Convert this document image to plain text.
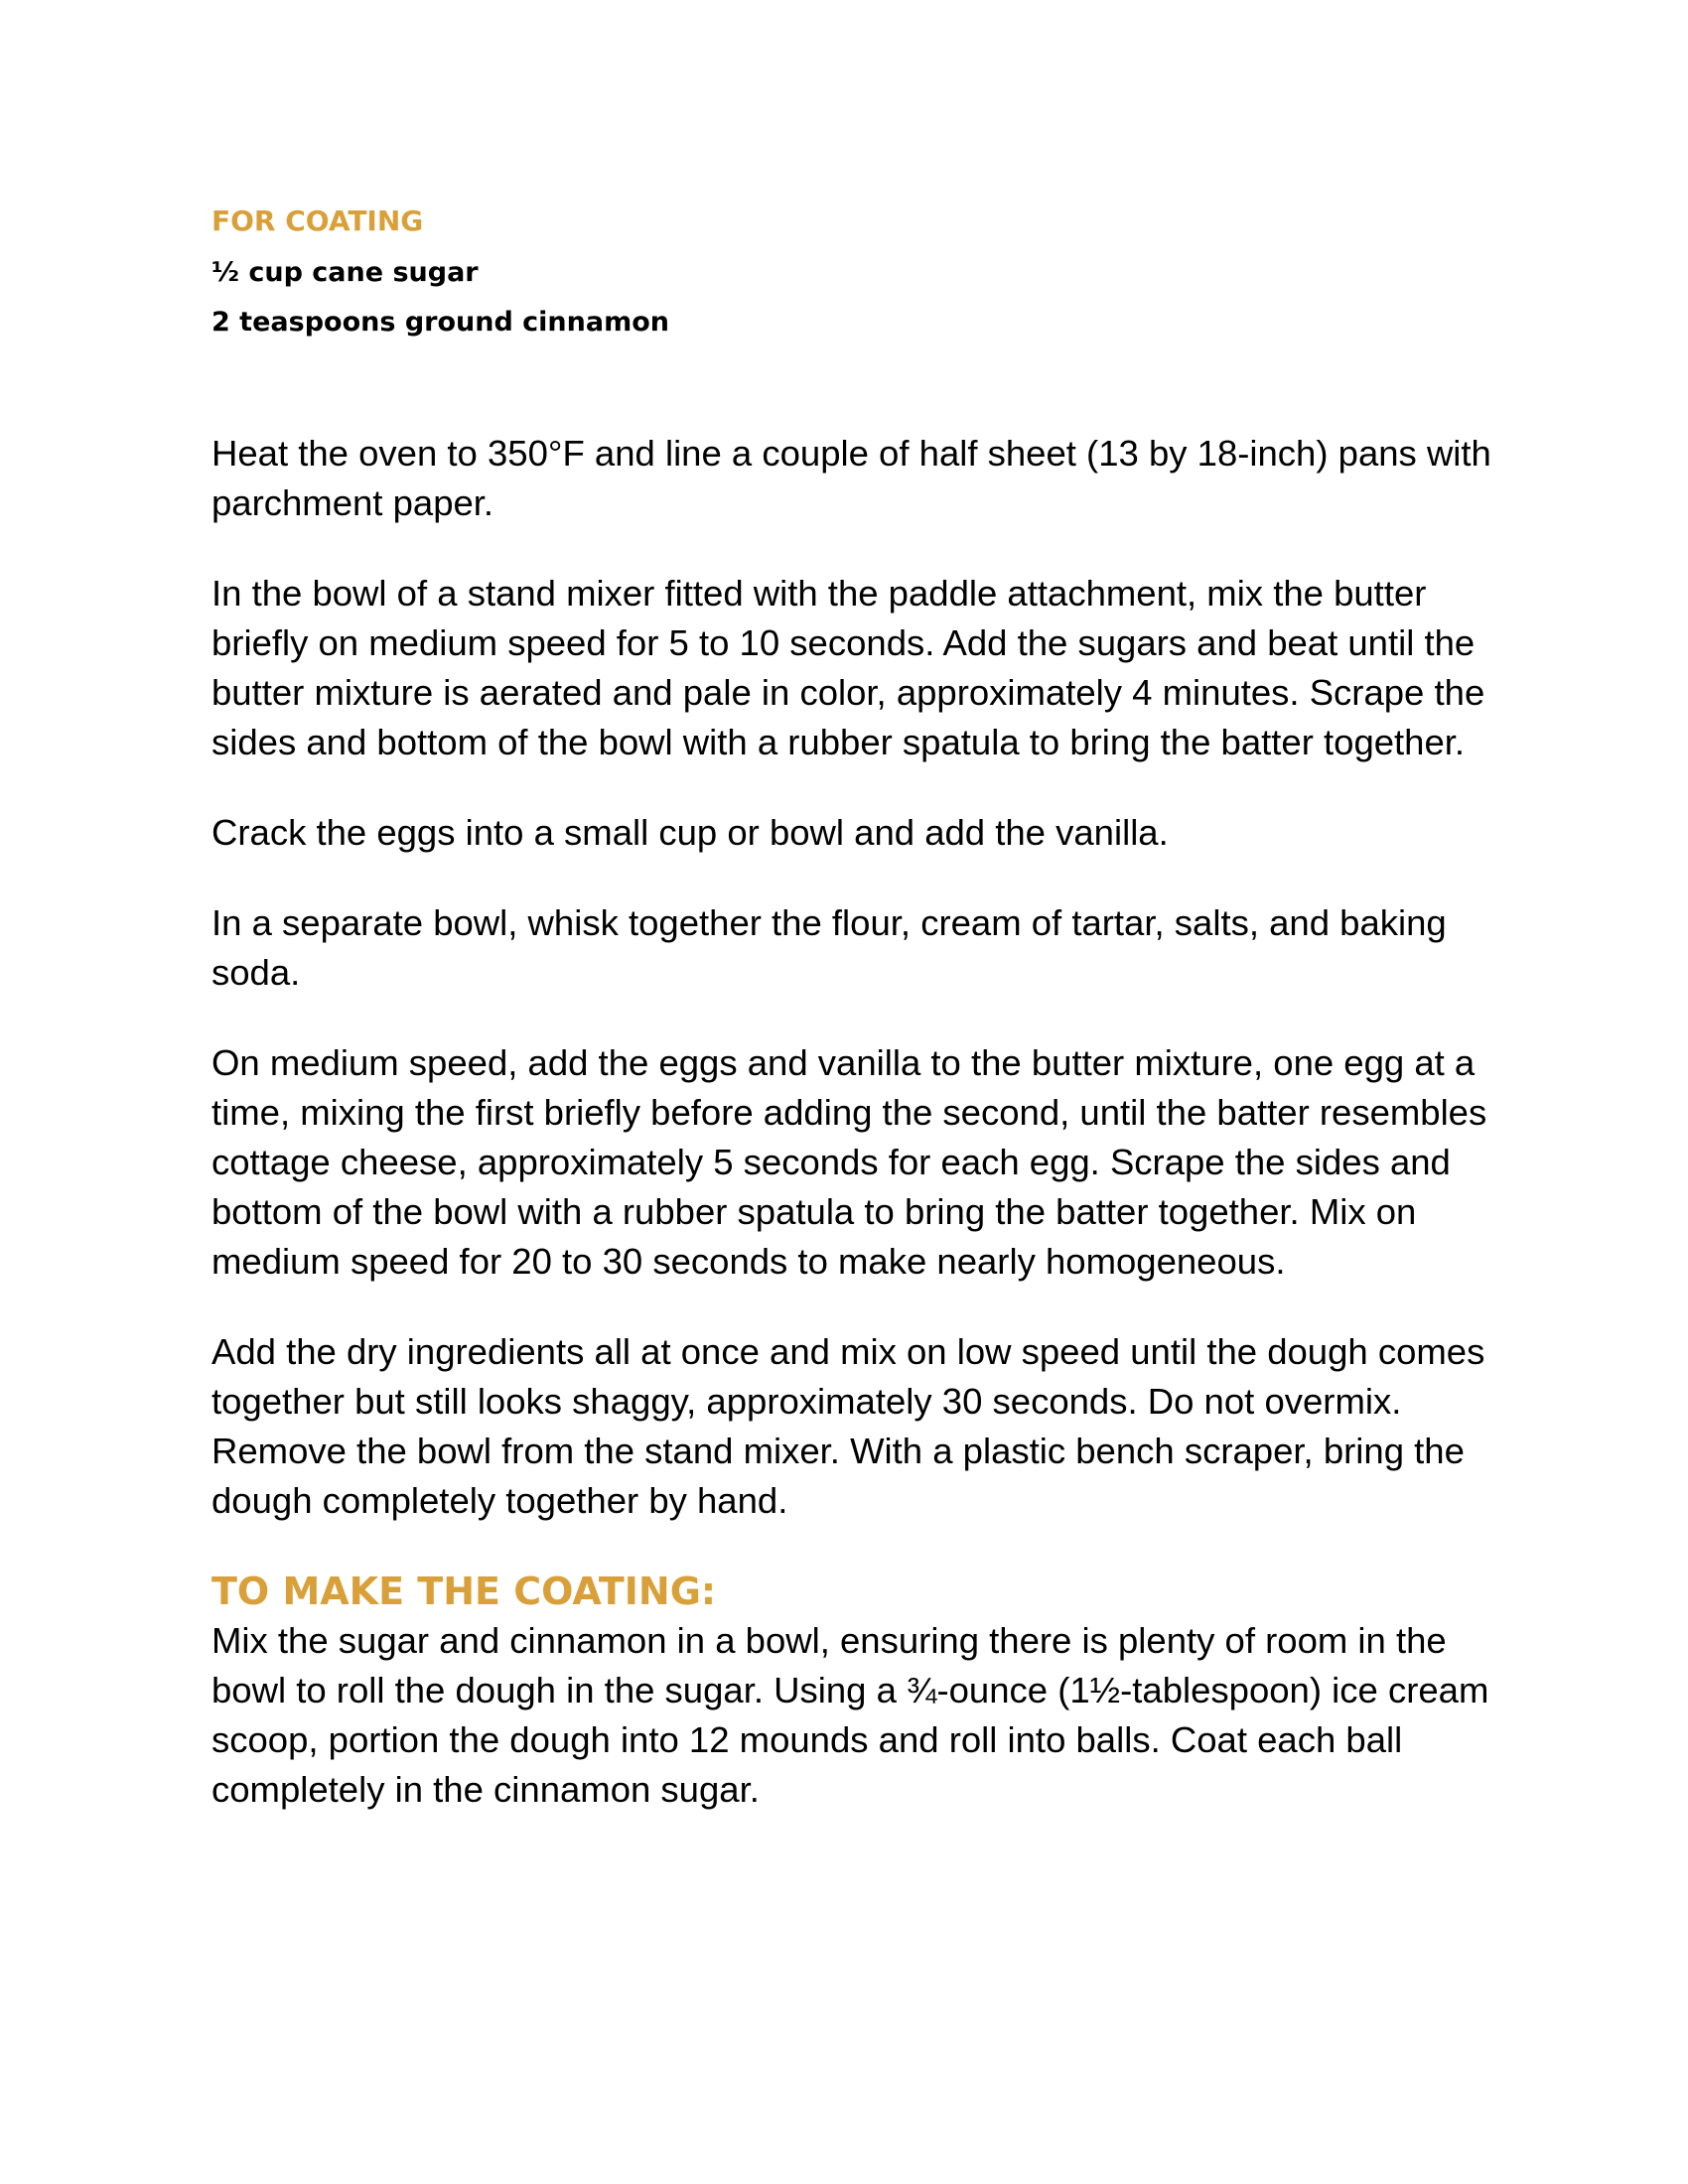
FOR COATING
½ cup cane sugar
2 teaspoons ground cinnamon

Heat the oven to 350°F and line a couple of half sheet (13 by 18-inch) pans with parchment paper.

In the bowl of a stand mixer fitted with the paddle attachment, mix the butter briefly on medium speed for 5 to 10 seconds. Add the sugars and beat until the butter mixture is aerated and pale in color, approximately 4 minutes. Scrape the sides and bottom of the bowl with a rubber spatula to bring the batter together.

Crack the eggs into a small cup or bowl and add the vanilla.

In a separate bowl, whisk together the flour, cream of tartar, salts, and baking soda.

On medium speed, add the eggs and vanilla to the butter mixture, one egg at a time, mixing the first briefly before adding the second, until the batter resembles cottage cheese, approximately 5 seconds for each egg. Scrape the sides and bottom of the bowl with a rubber spatula to bring the batter together. Mix on medium speed for 20 to 30 seconds to make nearly homogeneous.

Add the dry ingredients all at once and mix on low speed until the dough comes together but still looks shaggy, approximately 30 seconds. Do not overmix. Remove the bowl from the stand mixer. With a plastic bench scraper, bring the dough completely together by hand.

TO MAKE THE COATING:

Mix the sugar and cinnamon in a bowl, ensuring there is plenty of room in the bowl to roll the dough in the sugar. Using a ¾-ounce (1½-tablespoon) ice cream scoop, portion the dough into 12 mounds and roll into balls. Coat each ball completely in the cinnamon sugar.
